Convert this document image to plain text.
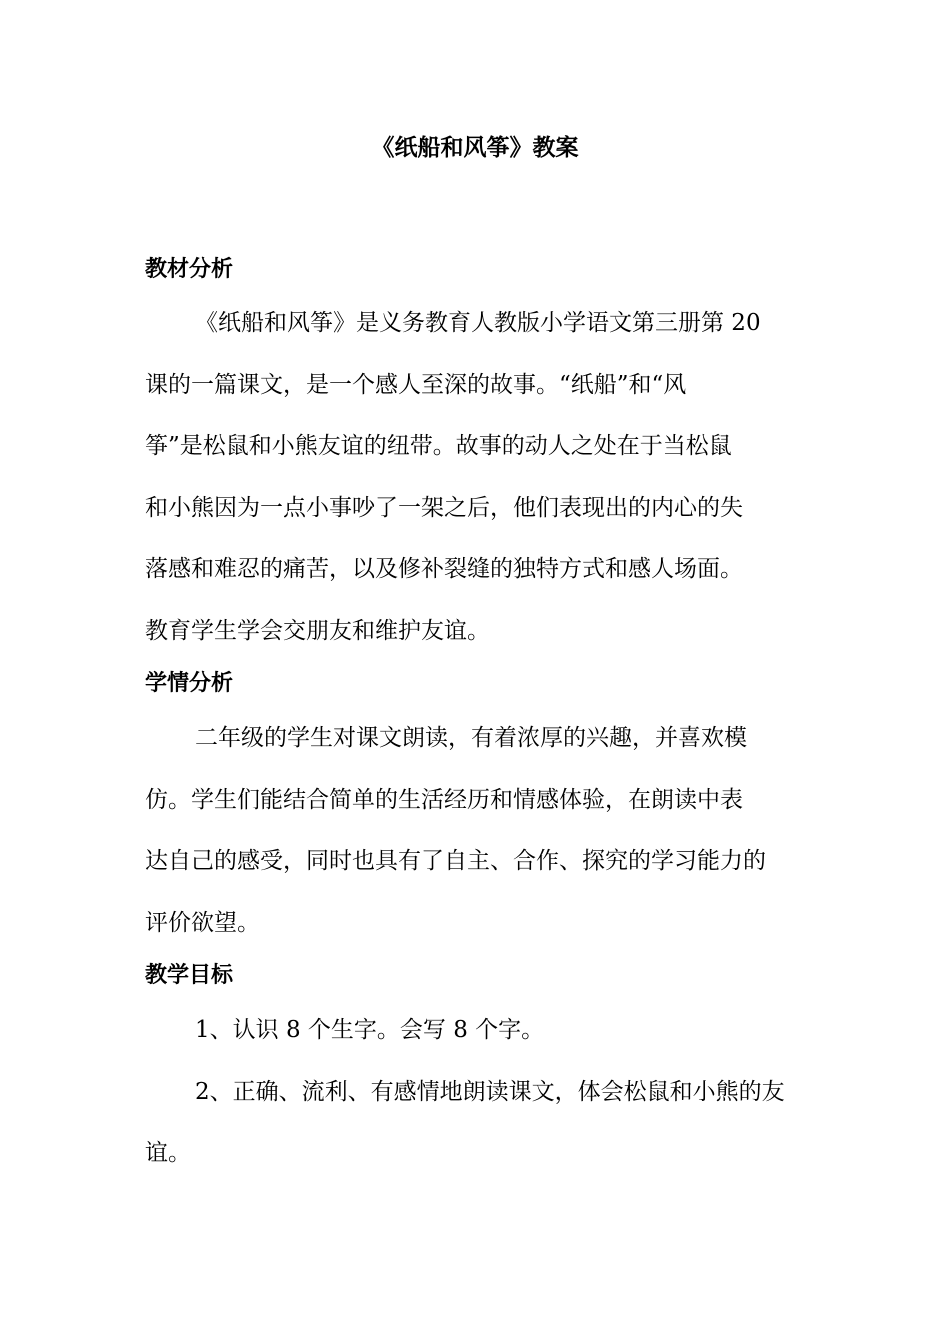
《纸船和风筝》教案
教材分析

《纸船和风筝》是义务教育人教版小学语文第三册第 20
课的一篇课文，是一个感人至深的故事。“纸船”和“风
筝”是松鼠和小熊友谊的纽带。故事的动人之处在于当松鼠
和小熊因为一点小事吵了一架之后，他们表现出的内心的失
落感和难忍的痛苦，以及修补裂缝的独特方式和感人场面。
教育学生学会交朋友和维护友谊。

学情分析

二年级的学生对课文朗读，有着浓厚的兴趣，并喜欢模
仿。学生们能结合简单的生活经历和情感体验，在朗读中表
达自己的感受，同时也具有了自主、合作、探究的学习能力的
评价欲望。

教学目标

1、认识 8 个生字。会写 8 个字。

2、正确、流利、有感情地朗读课文，体会松鼠和小熊的友
谊。
